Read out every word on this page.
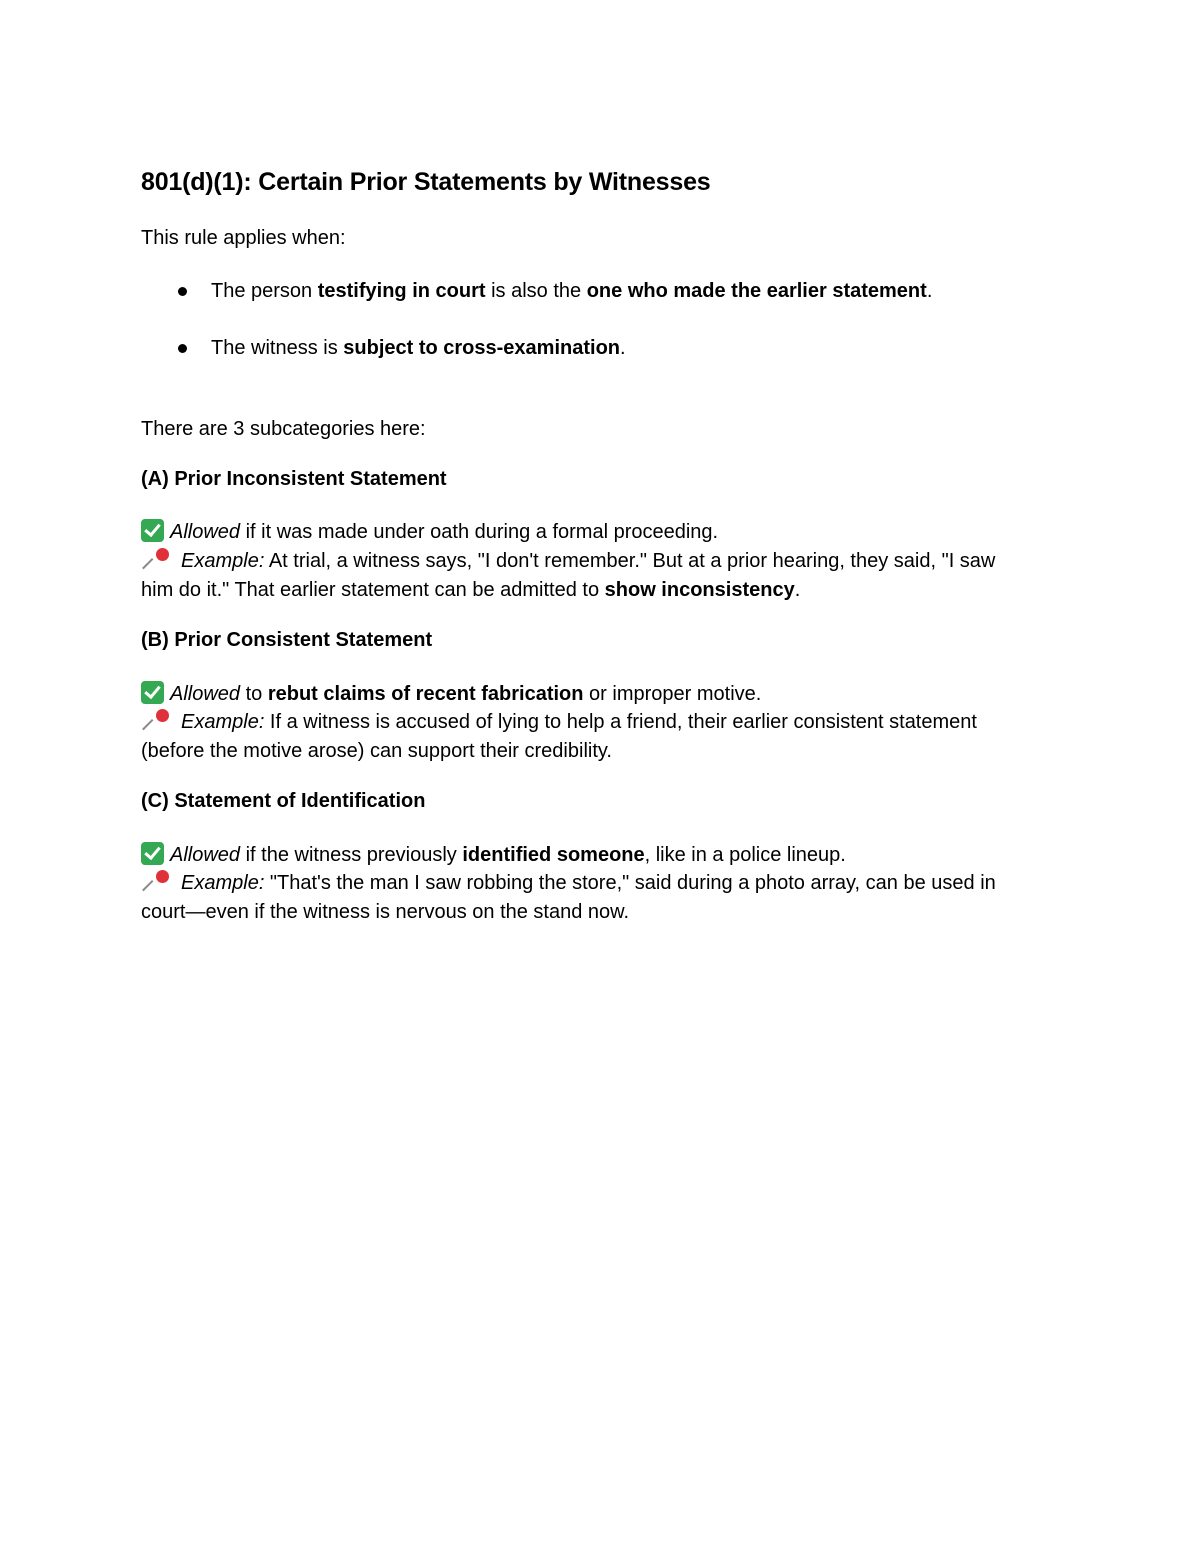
801(d)(1): Certain Prior Statements by Witnesses

This rule applies when:

The person testifying in court is also the one who made the earlier statement.
The witness is subject to cross-examination.

There are 3 subcategories here:

(A) Prior Inconsistent Statement

Allowed if it was made under oath during a formal proceeding.

Example: At trial, a witness says, "I don't remember." But at a prior hearing, they said, "I saw

him do it." That earlier statement can be admitted to show inconsistency.

(B) Prior Consistent Statement

Allowed to rebut claims of recent fabrication or improper motive.

Example: If a witness is accused of lying to help a friend, their earlier consistent statement

(before the motive arose) can support their credibility.

(C) Statement of Identification

Allowed if the witness previously identified someone, like in a police lineup.

Example: "That's the man I saw robbing the store," said during a photo array, can be used in

court—even if the witness is nervous on the stand now.
